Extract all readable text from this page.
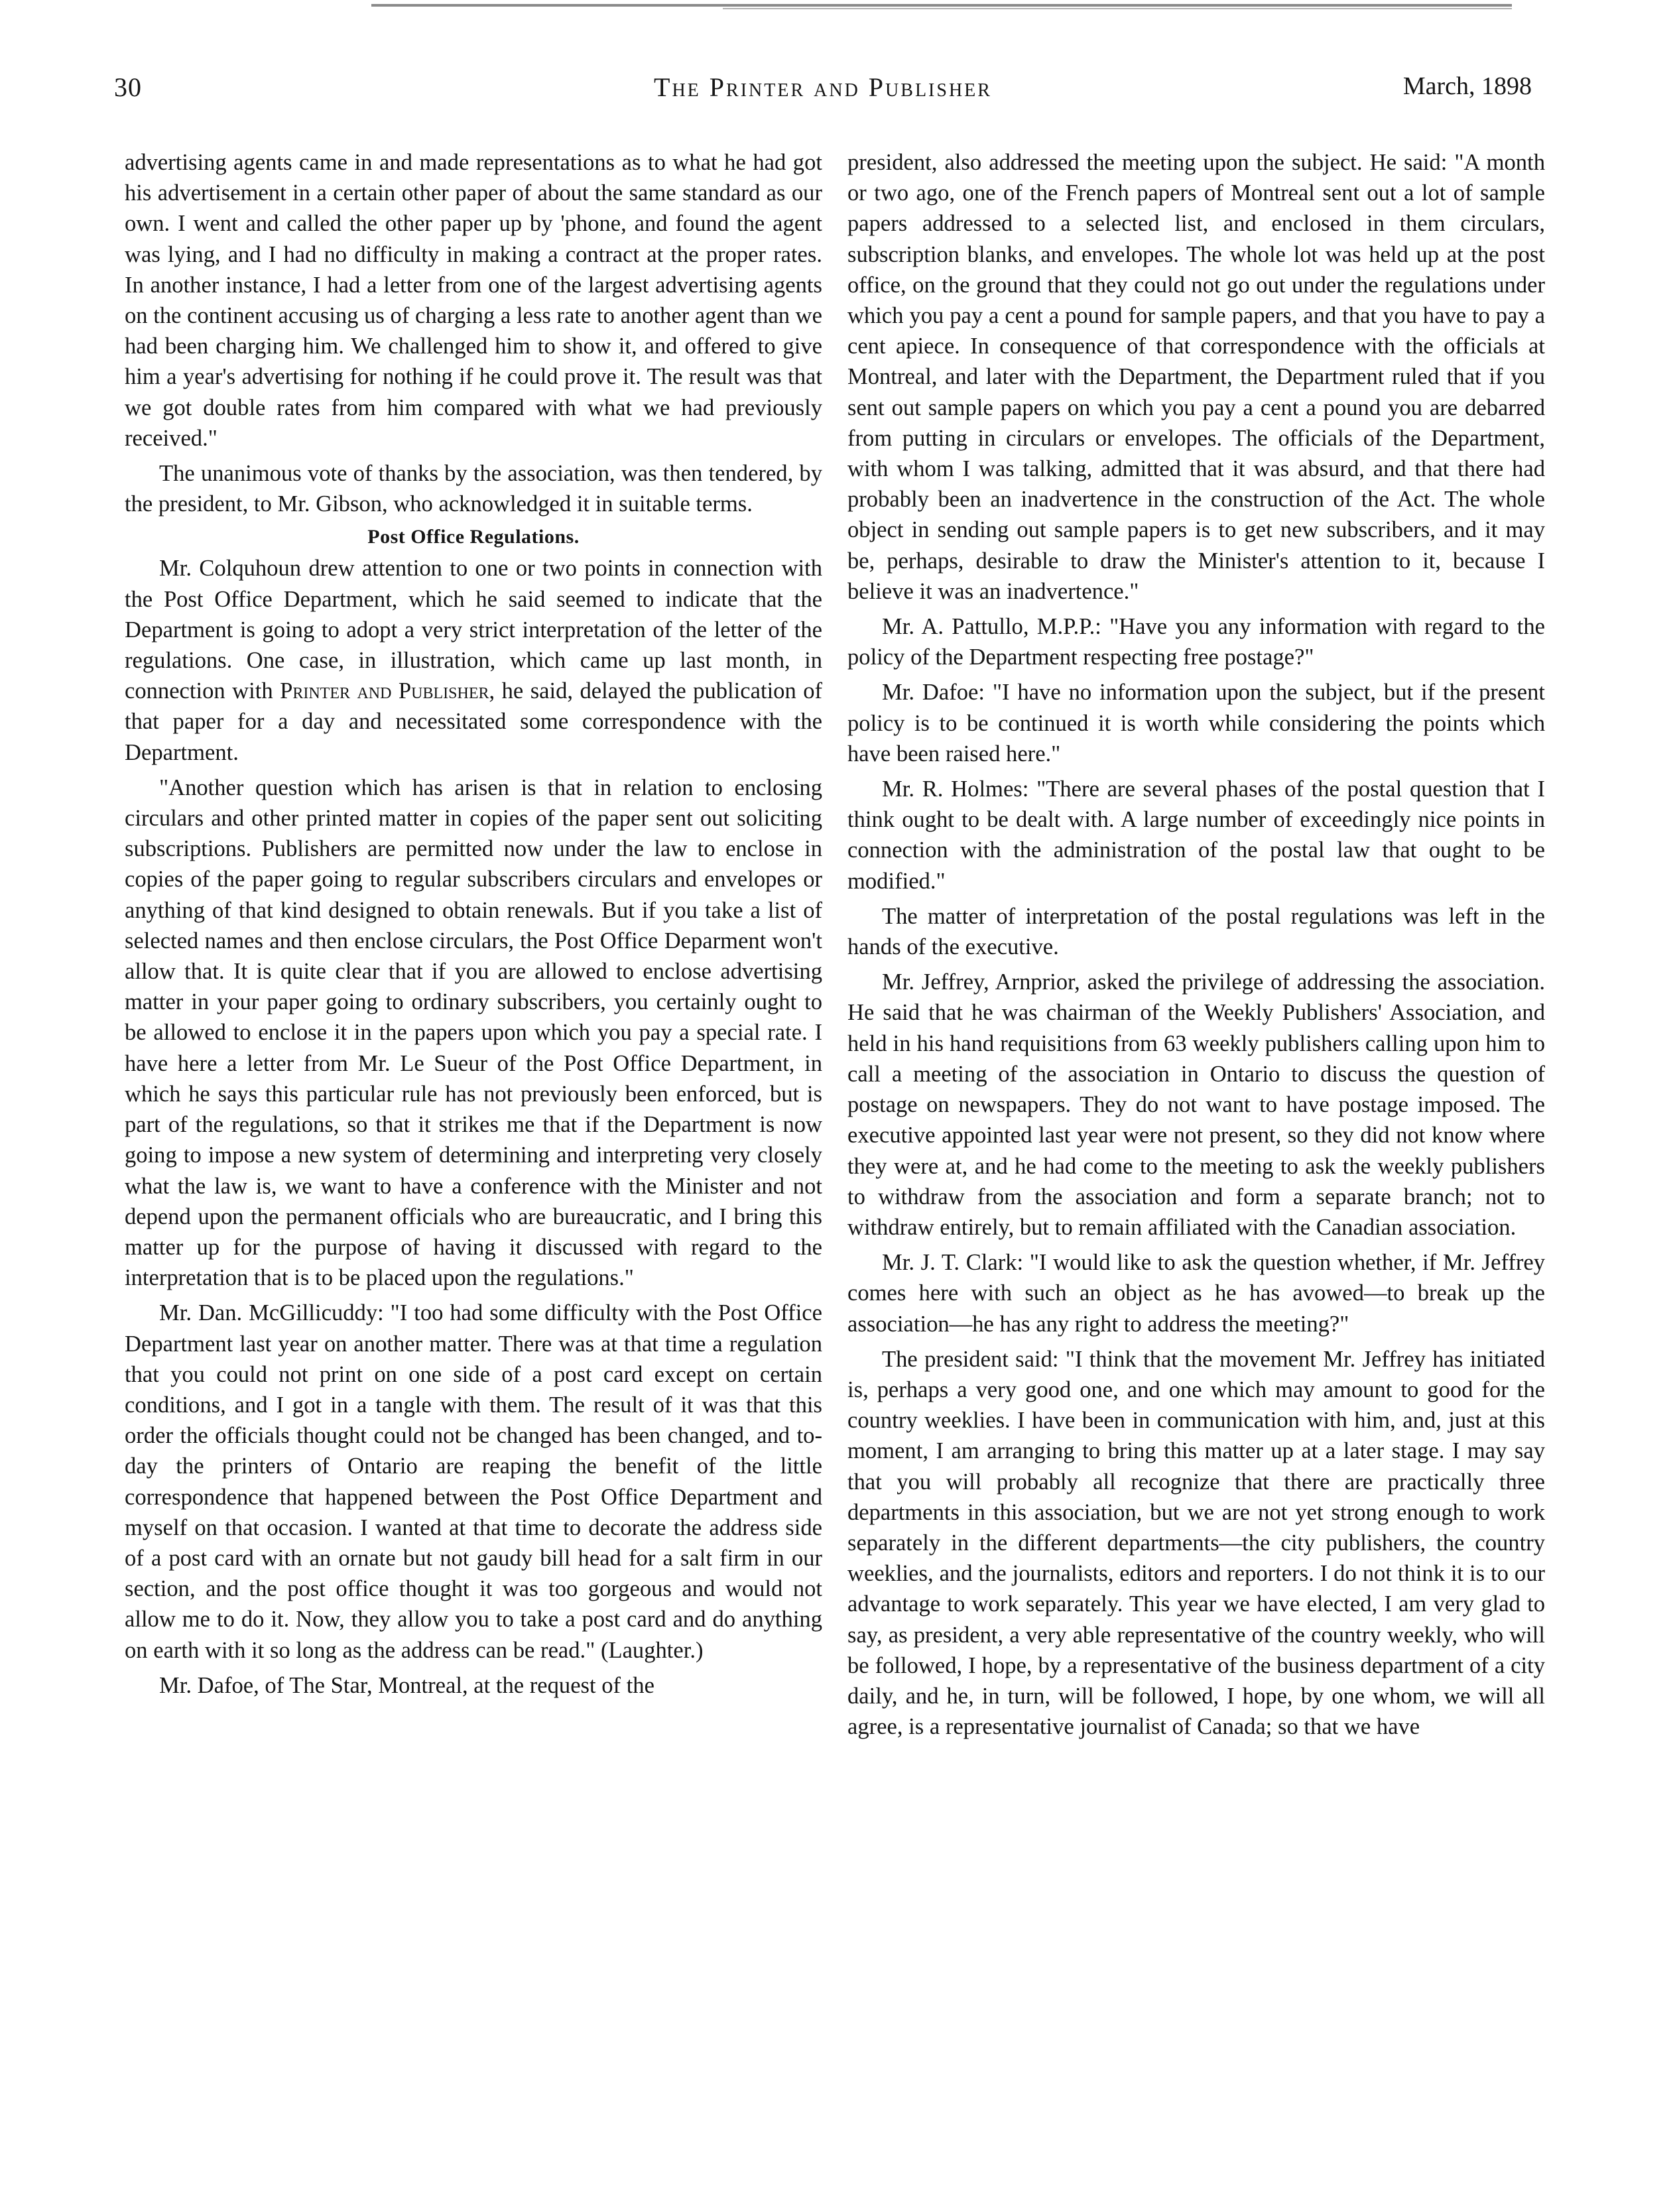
30	The Printer and Publisher	March, 1898

advertising agents came in and made representations as to what he had got his advertisement in a certain other paper of about the same standard as our own. I went and called the other paper up by 'phone, and found the agent was lying, and I had no difficulty in making a contract at the proper rates. In another instance, I had a letter from one of the largest advertising agents on the continent accusing us of charging a less rate to another agent than we had been charging him. We challenged him to show it, and offered to give him a year's advertising for nothing if he could prove it. The result was that we got double rates from him compared with what we had previously received."

The unanimous vote of thanks by the association, was then tendered, by the president, to Mr. Gibson, who acknowledged it in suitable terms.

Post Office Regulations.

Mr. Colquhoun drew attention to one or two points in connection with the Post Office Department, which he said seemed to indicate that the Department is going to adopt a very strict interpretation of the letter of the regulations. One case, in illustration, which came up last month, in connection with Printer and Publisher, he said, delayed the publication of that paper for a day and necessitated some correspondence with the Department.

"Another question which has arisen is that in relation to enclosing circulars and other printed matter in copies of the paper sent out soliciting subscriptions. Publishers are permitted now under the law to enclose in copies of the paper going to regular subscribers circulars and envelopes or anything of that kind designed to obtain renewals. But if you take a list of selected names and then enclose circulars, the Post Office Deparment won't allow that. It is quite clear that if you are allowed to enclose advertising matter in your paper going to ordinary subscribers, you certainly ought to be allowed to enclose it in the papers upon which you pay a special rate. I have here a letter from Mr. Le Sueur of the Post Office Department, in which he says this particular rule has not previously been enforced, but is part of the regulations, so that it strikes me that if the Department is now going to impose a new system of determining and interpreting very closely what the law is, we want to have a conference with the Minister and not depend upon the permanent officials who are bureaucratic, and I bring this matter up for the purpose of having it discussed with regard to the interpretation that is to be placed upon the regulations."

Mr. Dan. McGillicuddy: "I too had some difficulty with the Post Office Department last year on another matter. There was at that time a regulation that you could not print on one side of a post card except on certain conditions, and I got in a tangle with them. The result of it was that this order the officials thought could not be changed has been changed, and to-day the printers of Ontario are reaping the benefit of the little correspondence that happened between the Post Office Department and myself on that occasion. I wanted at that time to decorate the address side of a post card with an ornate but not gaudy bill head for a salt firm in our section, and the post office thought it was too gorgeous and would not allow me to do it. Now, they allow you to take a post card and do anything on earth with it so long as the address can be read." (Laughter.)

Mr. Dafoe, of The Star, Montreal, at the request of the

president, also addressed the meeting upon the subject. He said: "A month or two ago, one of the French papers of Montreal sent out a lot of sample papers addressed to a selected list, and enclosed in them circulars, subscription blanks, and envelopes. The whole lot was held up at the post office, on the ground that they could not go out under the regulations under which you pay a cent a pound for sample papers, and that you have to pay a cent apiece. In consequence of that correspondence with the officials at Montreal, and later with the Department, the Department ruled that if you sent out sample papers on which you pay a cent a pound you are debarred from putting in circulars or envelopes. The officials of the Department, with whom I was talking, admitted that it was absurd, and that there had probably been an inadvertence in the construction of the Act. The whole object in sending out sample papers is to get new subscribers, and it may be, perhaps, desirable to draw the Minister's attention to it, because I believe it was an inadvertence."

Mr. A. Pattullo, M.P.P.: "Have you any information with regard to the policy of the Department respecting free postage?"

Mr. Dafoe: "I have no information upon the subject, but if the present policy is to be continued it is worth while considering the points which have been raised here."

Mr. R. Holmes: "There are several phases of the postal question that I think ought to be dealt with. A large number of exceedingly nice points in connection with the administration of the postal law that ought to be modified."

The matter of interpretation of the postal regulations was left in the hands of the executive.

Mr. Jeffrey, Arnprior, asked the privilege of addressing the association. He said that he was chairman of the Weekly Publishers' Association, and held in his hand requisitions from 63 weekly publishers calling upon him to call a meeting of the association in Ontario to discuss the question of postage on newspapers. They do not want to have postage imposed. The executive appointed last year were not present, so they did not know where they were at, and he had come to the meeting to ask the weekly publishers to withdraw from the association and form a separate branch; not to withdraw entirely, but to remain affiliated with the Canadian association.

Mr. J. T. Clark: "I would like to ask the question whether, if Mr. Jeffrey comes here with such an object as he has avowed—to break up the association—he has any right to address the meeting?"

The president said: "I think that the movement Mr. Jeffrey has initiated is, perhaps a very good one, and one which may amount to good for the country weeklies. I have been in communication with him, and, just at this moment, I am arranging to bring this matter up at a later stage. I may say that you will probably all recognize that there are practically three departments in this association, but we are not yet strong enough to work separately in the different departments—the city publishers, the country weeklies, and the journalists, editors and reporters. I do not think it is to our advantage to work separately. This year we have elected, I am very glad to say, as president, a very able representative of the country weekly, who will be followed, I hope, by a representative of the business department of a city daily, and he, in turn, will be followed, I hope, by one whom, we will all agree, is a representative journalist of Canada; so that we have
